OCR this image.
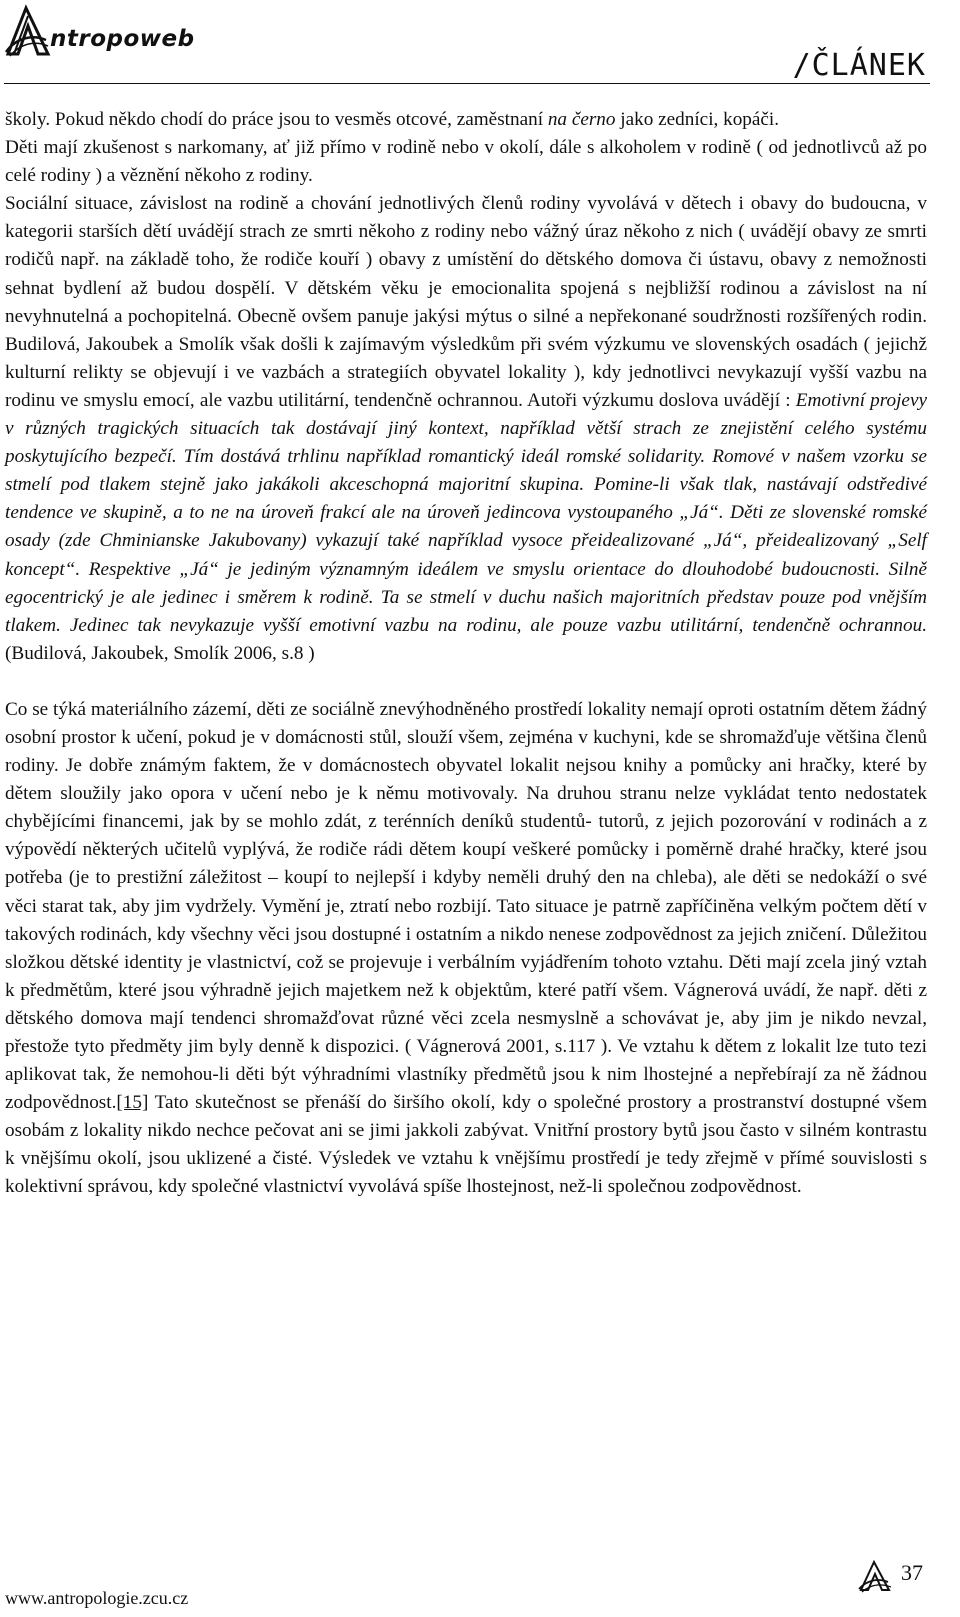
ntropoweb
/ČLÁNEK

školy. Pokud někdo chodí do práce jsou to vesměs otcové, zaměstnaní na černo jako zedníci, kopáči.
Děti mají zkušenost s narkomany, ať již přímo v rodině nebo v okolí, dále s alkoholem v rodině ( od jednotlivců až po celé rodiny ) a věznění někoho z rodiny.
Sociální situace, závislost na rodině a chování jednotlivých členů rodiny vyvolává v dětech i obavy do budoucna, v kategorii starších dětí uvádějí strach ze smrti někoho z rodiny nebo vážný úraz někoho z nich ( uvádějí obavy ze smrti rodičů např. na základě toho, že rodiče kouří ) obavy z umístění do dětského domova či ústavu, obavy z nemožnosti sehnat bydlení až budou dospělí. V dětském věku je emocionalita spojená s nejbližší rodinou a závislost na ní nevyhnutelná a pochopitelná. Obecně ovšem panuje jakýsi mýtus o silné a nepřekonané soudržnosti rozšířených rodin. Budilová, Jakoubek a Smolík však došli k zajímavým výsledkům při svém výzkumu ve slovenských osadách ( jejichž kulturní relikty se objevují i ve vazbách a strategiích obyvatel lokality ), kdy jednotlivci nevykazují vyšší vazbu na rodinu ve smyslu emocí, ale vazbu utilitární, tendenčně ochrannou. Autoři výzkumu doslova uvádějí : Emotivní projevy v různých tragických situacích tak dostávají jiný kontext, například větší strach ze znejistění celého systému poskytujícího bezpečí. Tím dostává trhlinu například romantický ideál romské solidarity. Romové v našem vzorku se stmelí pod tlakem stejně jako jakákoli akceschopná majoritní skupina. Pomine-li však tlak, nastávají odstředivé tendence ve skupině, a to ne na úroveň frakcí ale na úroveň jedincova vystoupaného „Já“. Děti ze slovenské romské osady (zde Chminianske Jakubovany) vykazují také například vysoce přeidealizované „Já“, přeidealizovaný „Self koncept“. Respektive „Já“ je jediným významným ideálem ve smyslu orientace do dlouhodobé budoucnosti. Silně egocentrický je ale jedinec i směrem k rodině. Ta se stmelí v duchu našich majoritních představ pouze pod vnějším tlakem. Jedinec tak nevykazuje vyšší emotivní vazbu na rodinu, ale pouze vazbu utilitární, tendenčně ochrannou. (Budilová, Jakoubek, Smolík 2006, s.8 )

Co se týká materiálního zázemí, děti ze sociálně znevýhodněného prostředí lokality nemají oproti ostatním dětem žádný osobní prostor k učení, pokud je v domácnosti stůl, slouží všem, zejména v kuchyni, kde se shromažďuje většina členů rodiny. Je dobře známým faktem, že v domácnostech obyvatel lokalit nejsou knihy a pomůcky ani hračky, které by dětem sloužily jako opora v učení nebo je k němu motivovaly. Na druhou stranu nelze vykládat tento nedostatek chybějícími financemi, jak by se mohlo zdát, z terénních deníků studentů- tutorů, z jejich pozorování v rodinách a z výpovědí některých učitelů vyplývá, že rodiče rádi dětem koupí veškeré pomůcky i poměrně drahé hračky, které jsou potřeba (je to prestižní záležitost – koupí to nejlepší i kdyby neměli druhý den na chleba), ale děti se nedokáží o své věci starat tak, aby jim vydržely. Vymění je, ztratí nebo rozbijí. Tato situace je patrně zapříčiněna velkým počtem dětí v takových rodinách, kdy všechny věci jsou dostupné i ostatním a nikdo nenese zodpovědnost za jejich zničení. Důležitou složkou dětské identity je vlastnictví, což se projevuje i verbálním vyjádřením tohoto vztahu. Děti mají zcela jiný vztah k předmětům, které jsou výhradně jejich majetkem než k objektům, které patří všem. Vágnerová uvádí, že např. děti z dětského domova mají tendenci shromažďovat různé věci zcela nesmyslně a schovávat je, aby jim je nikdo nevzal, přestože tyto předměty jim byly denně k dispozici. ( Vágnerová 2001, s.117 ). Ve vztahu k dětem z lokalit lze tuto tezi aplikovat tak, že nemohou-li děti být výhradními vlastníky předmětů jsou k nim lhostejné a nepřebírají za ně žádnou zodpovědnost.[15] Tato skutečnost se přenáší do širšího okolí, kdy o společné prostory a prostranství dostupné všem osobám z lokality nikdo nechce pečovat ani se jimi jakkoli zabývat. Vnitřní prostory bytů jsou často v silném kontrastu k vnějšímu okolí, jsou uklizené a čisté. Výsledek ve vztahu k vnějšímu prostředí je tedy zřejmě v přímé souvislosti s kolektivní správou, kdy společné vlastnictví vyvolává spíše lhostejnost, než-li společnou zodpovědnost.

www.antropologie.zcu.cz
37
